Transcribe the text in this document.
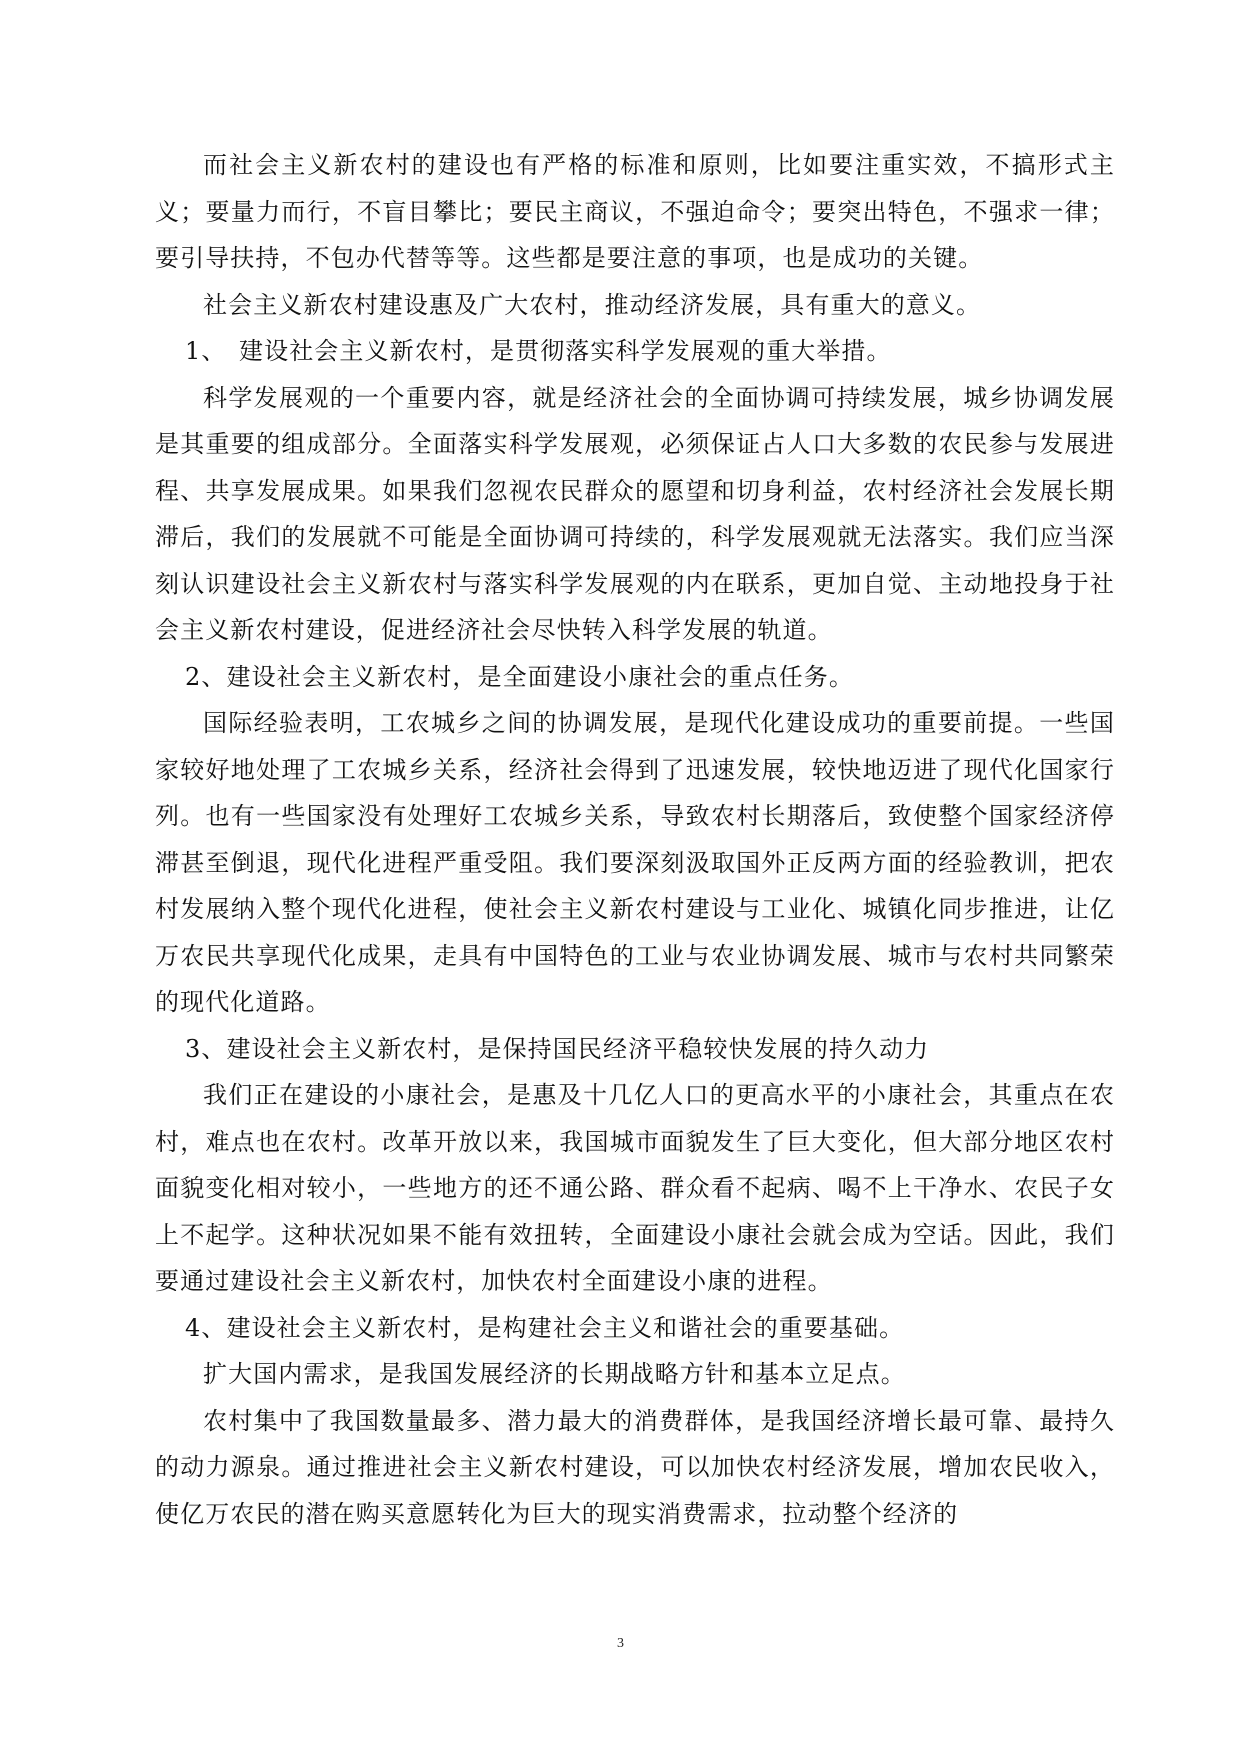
而社会主义新农村的建设也有严格的标准和原则，比如要注重实效，不搞形式主义；要量力而行，不盲目攀比；要民主商议，不强迫命令；要突出特色，不强求一律；要引导扶持，不包办代替等等。这些都是要注意的事项，也是成功的关键。

社会主义新农村建设惠及广大农村，推动经济发展，具有重大的意义。

1、 建设社会主义新农村，是贯彻落实科学发展观的重大举措。

科学发展观的一个重要内容，就是经济社会的全面协调可持续发展，城乡协调发展是其重要的组成部分。全面落实科学发展观，必须保证占人口大多数的农民参与发展进程、共享发展成果。如果我们忽视农民群众的愿望和切身利益，农村经济社会发展长期滞后，我们的发展就不可能是全面协调可持续的，科学发展观就无法落实。我们应当深刻认识建设社会主义新农村与落实科学发展观的内在联系，更加自觉、主动地投身于社会主义新农村建设，促进经济社会尽快转入科学发展的轨道。

2、建设社会主义新农村，是全面建设小康社会的重点任务。

国际经验表明，工农城乡之间的协调发展，是现代化建设成功的重要前提。一些国家较好地处理了工农城乡关系，经济社会得到了迅速发展，较快地迈进了现代化国家行列。也有一些国家没有处理好工农城乡关系，导致农村长期落后，致使整个国家经济停滞甚至倒退，现代化进程严重受阻。我们要深刻汲取国外正反两方面的经验教训，把农村发展纳入整个现代化进程，使社会主义新农村建设与工业化、城镇化同步推进，让亿万农民共享现代化成果，走具有中国特色的工业与农业协调发展、城市与农村共同繁荣的现代化道路。

3、建设社会主义新农村，是保持国民经济平稳较快发展的持久动力

我们正在建设的小康社会，是惠及十几亿人口的更高水平的小康社会，其重点在农村，难点也在农村。改革开放以来，我国城市面貌发生了巨大变化，但大部分地区农村面貌变化相对较小，一些地方的还不通公路、群众看不起病、喝不上干净水、农民子女上不起学。这种状况如果不能有效扭转，全面建设小康社会就会成为空话。因此，我们要通过建设社会主义新农村，加快农村全面建设小康的进程。

4、建设社会主义新农村，是构建社会主义和谐社会的重要基础。

扩大国内需求，是我国发展经济的长期战略方针和基本立足点。

农村集中了我国数量最多、潜力最大的消费群体，是我国经济增长最可靠、最持久的动力源泉。通过推进社会主义新农村建设，可以加快农村经济发展，增加农民收入，使亿万农民的潜在购买意愿转化为巨大的现实消费需求，拉动整个经济的

3
